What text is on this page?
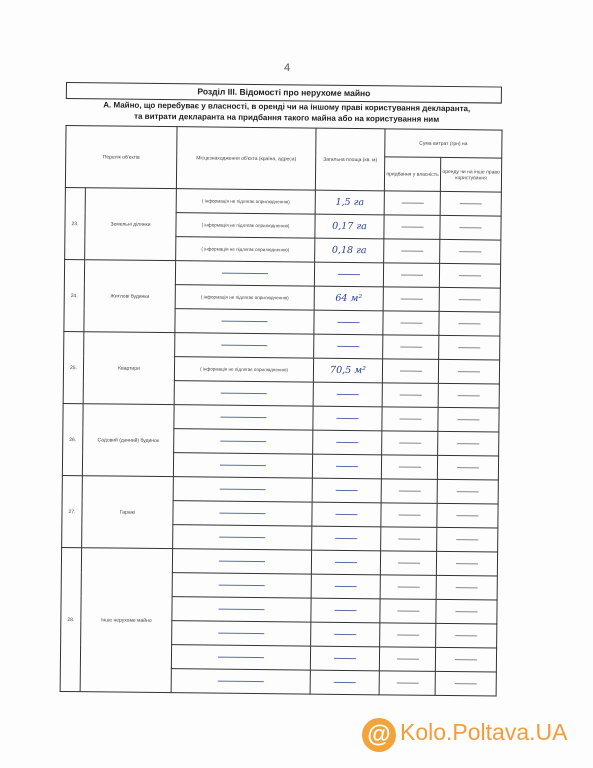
4
Розділ ІІІ. Відомості про нерухоме майно
А. Майно, що перебуває у власності, в оренді чи на іншому праві користування декларанта,
та витрати декларанта на придбання такого майна або на користування ним
Перелік об'єктів		Місцезнаходження об'єкта (країна, адреса)	Загальна площа (кв. м)	Сума витрат (грн) на	
				придбання у власність	оренду чи на інше право користування
23.	Земельні ділянки	( інформація не підлягає оприлюдненню)	1,5 га		
		( інформація не підлягає оприлюдненню)	0,17 га		
		( інформація не підлягає оприлюдненню)	0,18 га		
24.	Житлові будинки				
		( інформація не підлягає оприлюдненню)	64 м²		

25.	Квартири				
		( інформація не підлягає оприлюдненню)	70,5 м²		

26.	Садовий (дачний) будинок				

27.	Гаражі				

28.	Інше нерухоме майно				

@ Kolo.Poltava.UA
